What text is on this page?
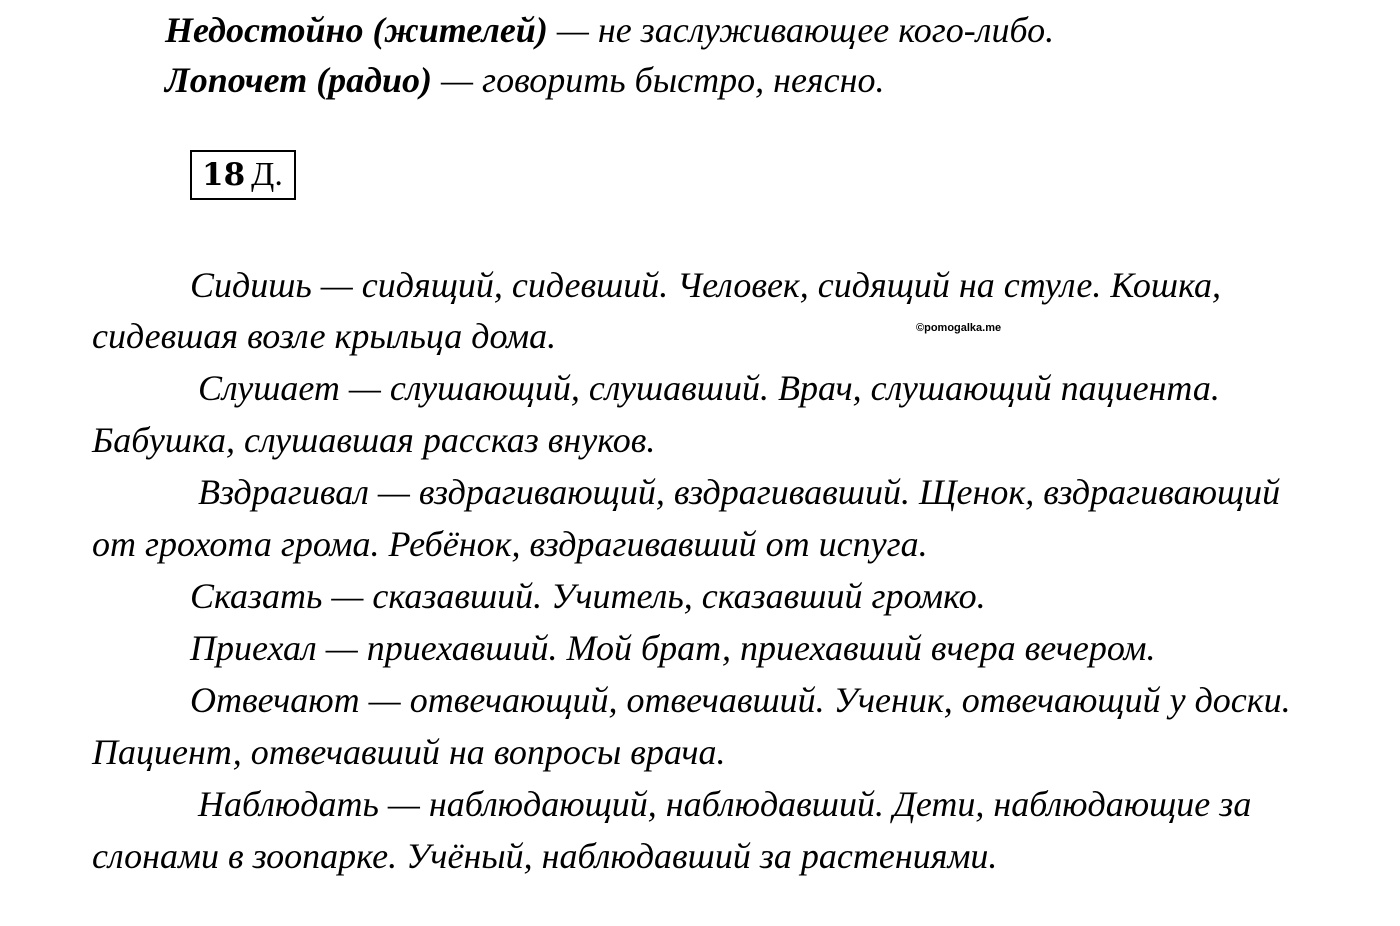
Недостойно (жителей) — не заслуживающее кого-либо.
Лопочет (радио) — говорить быстро, неясно.
18 Д.
Сидишь — сидящий, сидевший. Человек, сидящий на стуле. Кошка,
сидевшая возле крыльца дома.	©pomogalka.me
Слушает — слушающий, слушавший. Врач, слушающий пациента.
Бабушка, слушавшая рассказ внуков.
Вздрагивал — вздрагивающий, вздрагивавший. Щенок, вздрагивающий
от грохота грома. Ребёнок, вздрагивавший от испуга.
Сказать — сказавший. Учитель, сказавший громко.
Приехал — приехавший. Мой брат, приехавший вчера вечером.
Отвечают — отвечающий, отвечавший. Ученик, отвечающий у доски.
Пациент, отвечавший на вопросы врача.
Наблюдать — наблюдающий, наблюдавший. Дети, наблюдающие за
слонами в зоопарке. Учёный, наблюдавший за растениями.
